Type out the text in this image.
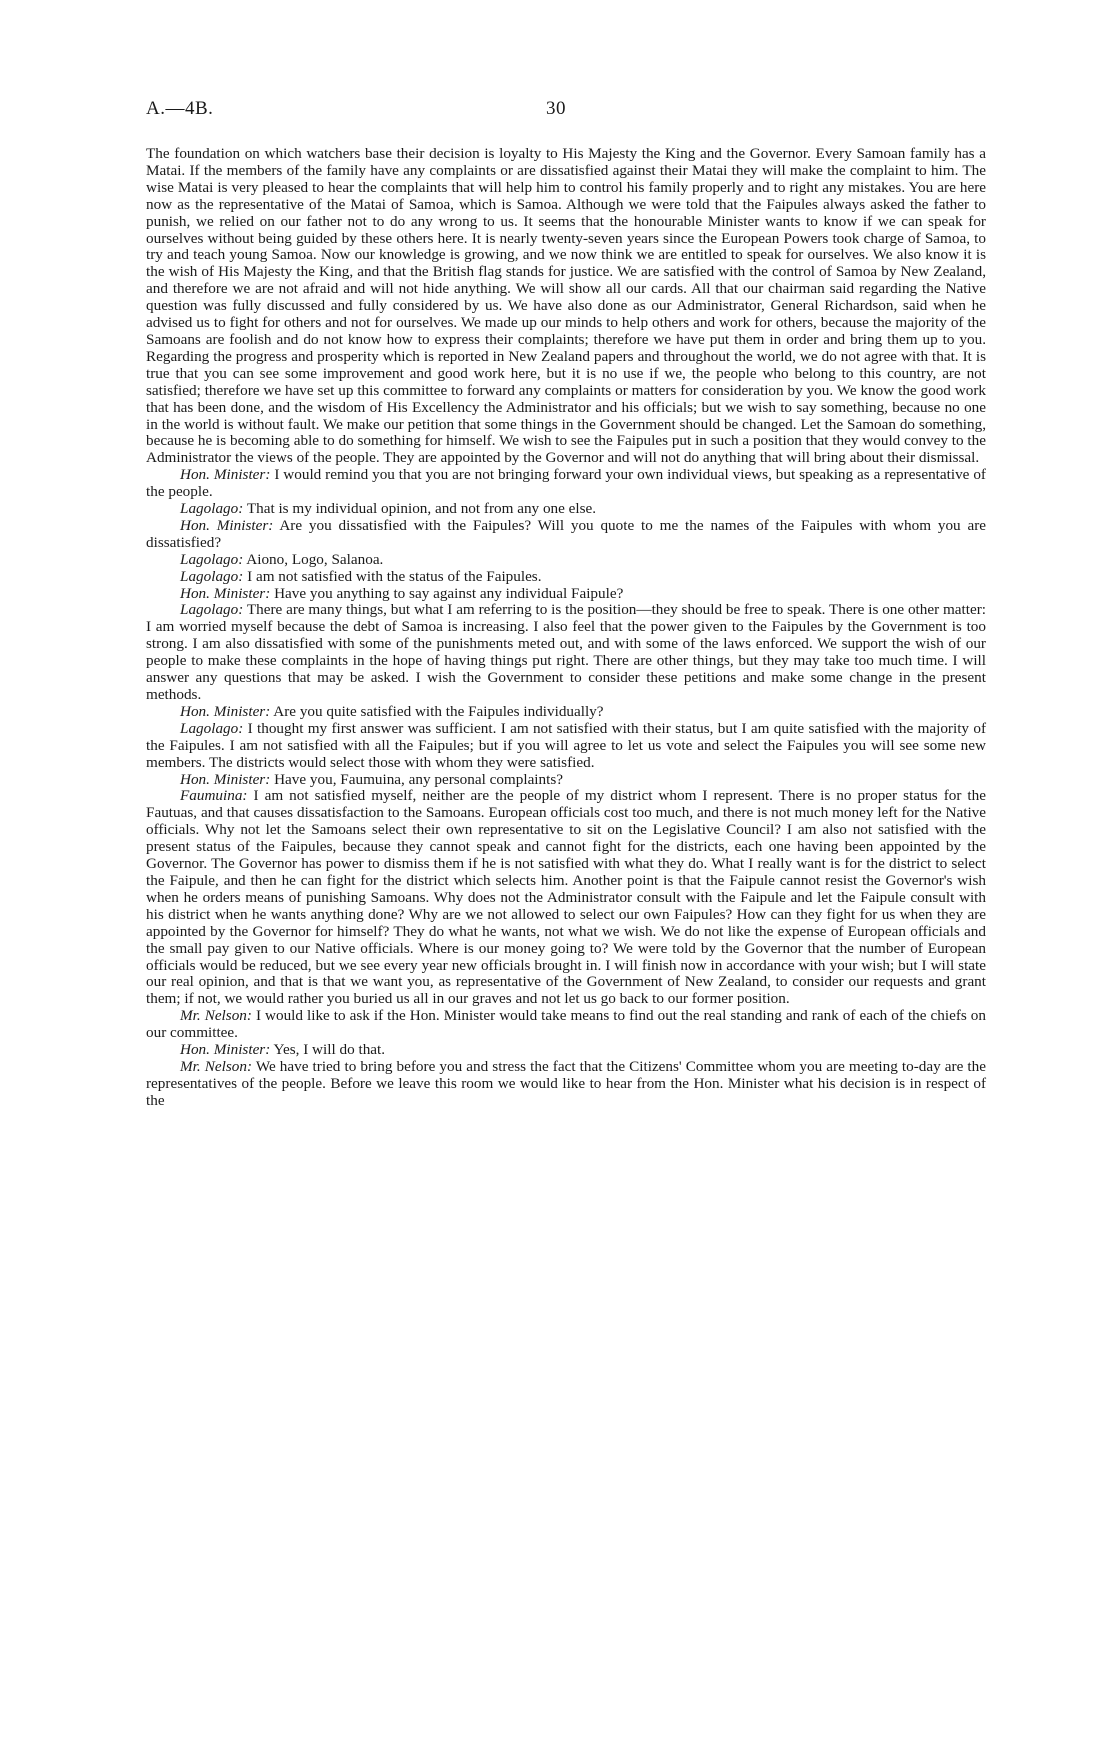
A.—4B.	30

The foundation on which watchers base their decision is loyalty to His Majesty the King and the Governor. Every Samoan family has a Matai. If the members of the family have any complaints or are dissatisfied against their Matai they will make the complaint to him. The wise Matai is very pleased to hear the complaints that will help him to control his family properly and to right any mistakes. You are here now as the representative of the Matai of Samoa, which is Samoa. Although we were told that the Faipules always asked the father to punish, we relied on our father not to do any wrong to us. It seems that the honourable Minister wants to know if we can speak for ourselves without being guided by these others here. It is nearly twenty-seven years since the European Powers took charge of Samoa, to try and teach young Samoa. Now our knowledge is growing, and we now think we are entitled to speak for ourselves. We also know it is the wish of His Majesty the King, and that the British flag stands for justice. We are satisfied with the control of Samoa by New Zealand, and therefore we are not afraid and will not hide anything. We will show all our cards. All that our chairman said regarding the Native question was fully discussed and fully considered by us. We have also done as our Administrator, General Richardson, said when he advised us to fight for others and not for ourselves. We made up our minds to help others and work for others, because the majority of the Samoans are foolish and do not know how to express their complaints; therefore we have put them in order and bring them up to you. Regarding the progress and prosperity which is reported in New Zealand papers and throughout the world, we do not agree with that. It is true that you can see some improvement and good work here, but it is no use if we, the people who belong to this country, are not satisfied; therefore we have set up this committee to forward any complaints or matters for consideration by you. We know the good work that has been done, and the wisdom of His Excellency the Administrator and his officials; but we wish to say something, because no one in the world is without fault. We make our petition that some things in the Government should be changed. Let the Samoan do something, because he is becoming able to do something for himself. We wish to see the Faipules put in such a position that they would convey to the Administrator the views of the people. They are appointed by the Governor and will not do anything that will bring about their dismissal.

Hon. Minister: I would remind you that you are not bringing forward your own individual views, but speaking as a representative of the people.

Lagolago: That is my individual opinion, and not from any one else.

Hon. Minister: Are you dissatisfied with the Faipules? Will you quote to me the names of the Faipules with whom you are dissatisfied?

Lagolago: Aiono, Logo, Salanoa.

Lagolago: I am not satisfied with the status of the Faipules.

Hon. Minister: Have you anything to say against any individual Faipule?

Lagolago: There are many things, but what I am referring to is the position—they should be free to speak. There is one other matter: I am worried myself because the debt of Samoa is increasing. I also feel that the power given to the Faipules by the Government is too strong. I am also dissatisfied with some of the punishments meted out, and with some of the laws enforced. We support the wish of our people to make these complaints in the hope of having things put right. There are other things, but they may take too much time. I will answer any questions that may be asked. I wish the Government to consider these petitions and make some change in the present methods.

Hon. Minister: Are you quite satisfied with the Faipules individually?

Lagolago: I thought my first answer was sufficient. I am not satisfied with their status, but I am quite satisfied with the majority of the Faipules. I am not satisfied with all the Faipules; but if you will agree to let us vote and select the Faipules you will see some new members. The districts would select those with whom they were satisfied.

Hon. Minister: Have you, Faumuina, any personal complaints?

Faumuina: I am not satisfied myself, neither are the people of my district whom I represent. There is no proper status for the Fautuas, and that causes dissatisfaction to the Samoans. European officials cost too much, and there is not much money left for the Native officials. Why not let the Samoans select their own representative to sit on the Legislative Council? I am also not satisfied with the present status of the Faipules, because they cannot speak and cannot fight for the districts, each one having been appointed by the Governor. The Governor has power to dismiss them if he is not satisfied with what they do. What I really want is for the district to select the Faipule, and then he can fight for the district which selects him. Another point is that the Faipule cannot resist the Governor's wish when he orders means of punishing Samoans. Why does not the Administrator consult with the Faipule and let the Faipule consult with his district when he wants anything done? Why are we not allowed to select our own Faipules? How can they fight for us when they are appointed by the Governor for himself? They do what he wants, not what we wish. We do not like the expense of European officials and the small pay given to our Native officials. Where is our money going to? We were told by the Governor that the number of European officials would be reduced, but we see every year new officials brought in. I will finish now in accordance with your wish; but I will state our real opinion, and that is that we want you, as representative of the Government of New Zealand, to consider our requests and grant them; if not, we would rather you buried us all in our graves and not let us go back to our former position.

Mr. Nelson: I would like to ask if the Hon. Minister would take means to find out the real standing and rank of each of the chiefs on our committee.

Hon. Minister: Yes, I will do that.

Mr. Nelson: We have tried to bring before you and stress the fact that the Citizens' Committee whom you are meeting to-day are the representatives of the people. Before we leave this room we would like to hear from the Hon. Minister what his decision is in respect of the
